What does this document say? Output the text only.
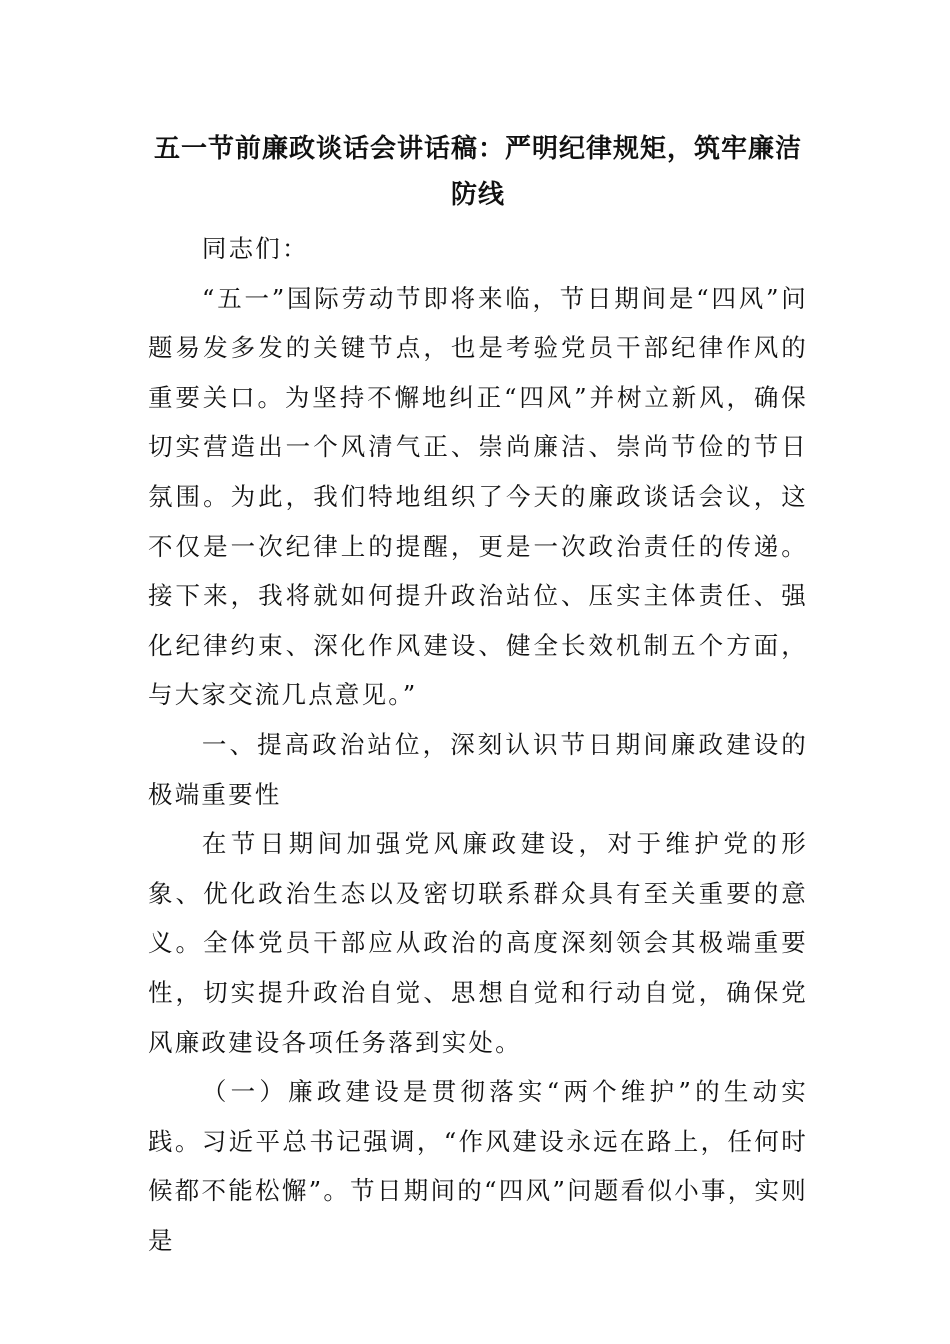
五一节前廉政谈话会讲话稿：严明纪律规矩，筑牢廉洁防线

同志们：

“五一”国际劳动节即将来临，节日期间是“四风”问题易发多发的关键节点，也是考验党员干部纪律作风的重要关口。为坚持不懈地纠正“四风”并树立新风，确保切实营造出一个风清气正、崇尚廉洁、崇尚节俭的节日氛围。为此，我们特地组织了今天的廉政谈话会议，这不仅是一次纪律上的提醒，更是一次政治责任的传递。接下来，我将就如何提升政治站位、压实主体责任、强化纪律约束、深化作风建设、健全长效机制五个方面，与大家交流几点意见。”

一、提高政治站位，深刻认识节日期间廉政建设的极端重要性

在节日期间加强党风廉政建设，对于维护党的形象、优化政治生态以及密切联系群众具有至关重要的意义。全体党员干部应从政治的高度深刻领会其极端重要性，切实提升政治自觉、思想自觉和行动自觉，确保党风廉政建设各项任务落到实处。

（一）廉政建设是贯彻落实“两个维护”的生动实践。习近平总书记强调，“作风建设永远在路上，任何时候都不能松懈”。节日期间的“四风”问题看似小事，实则是
